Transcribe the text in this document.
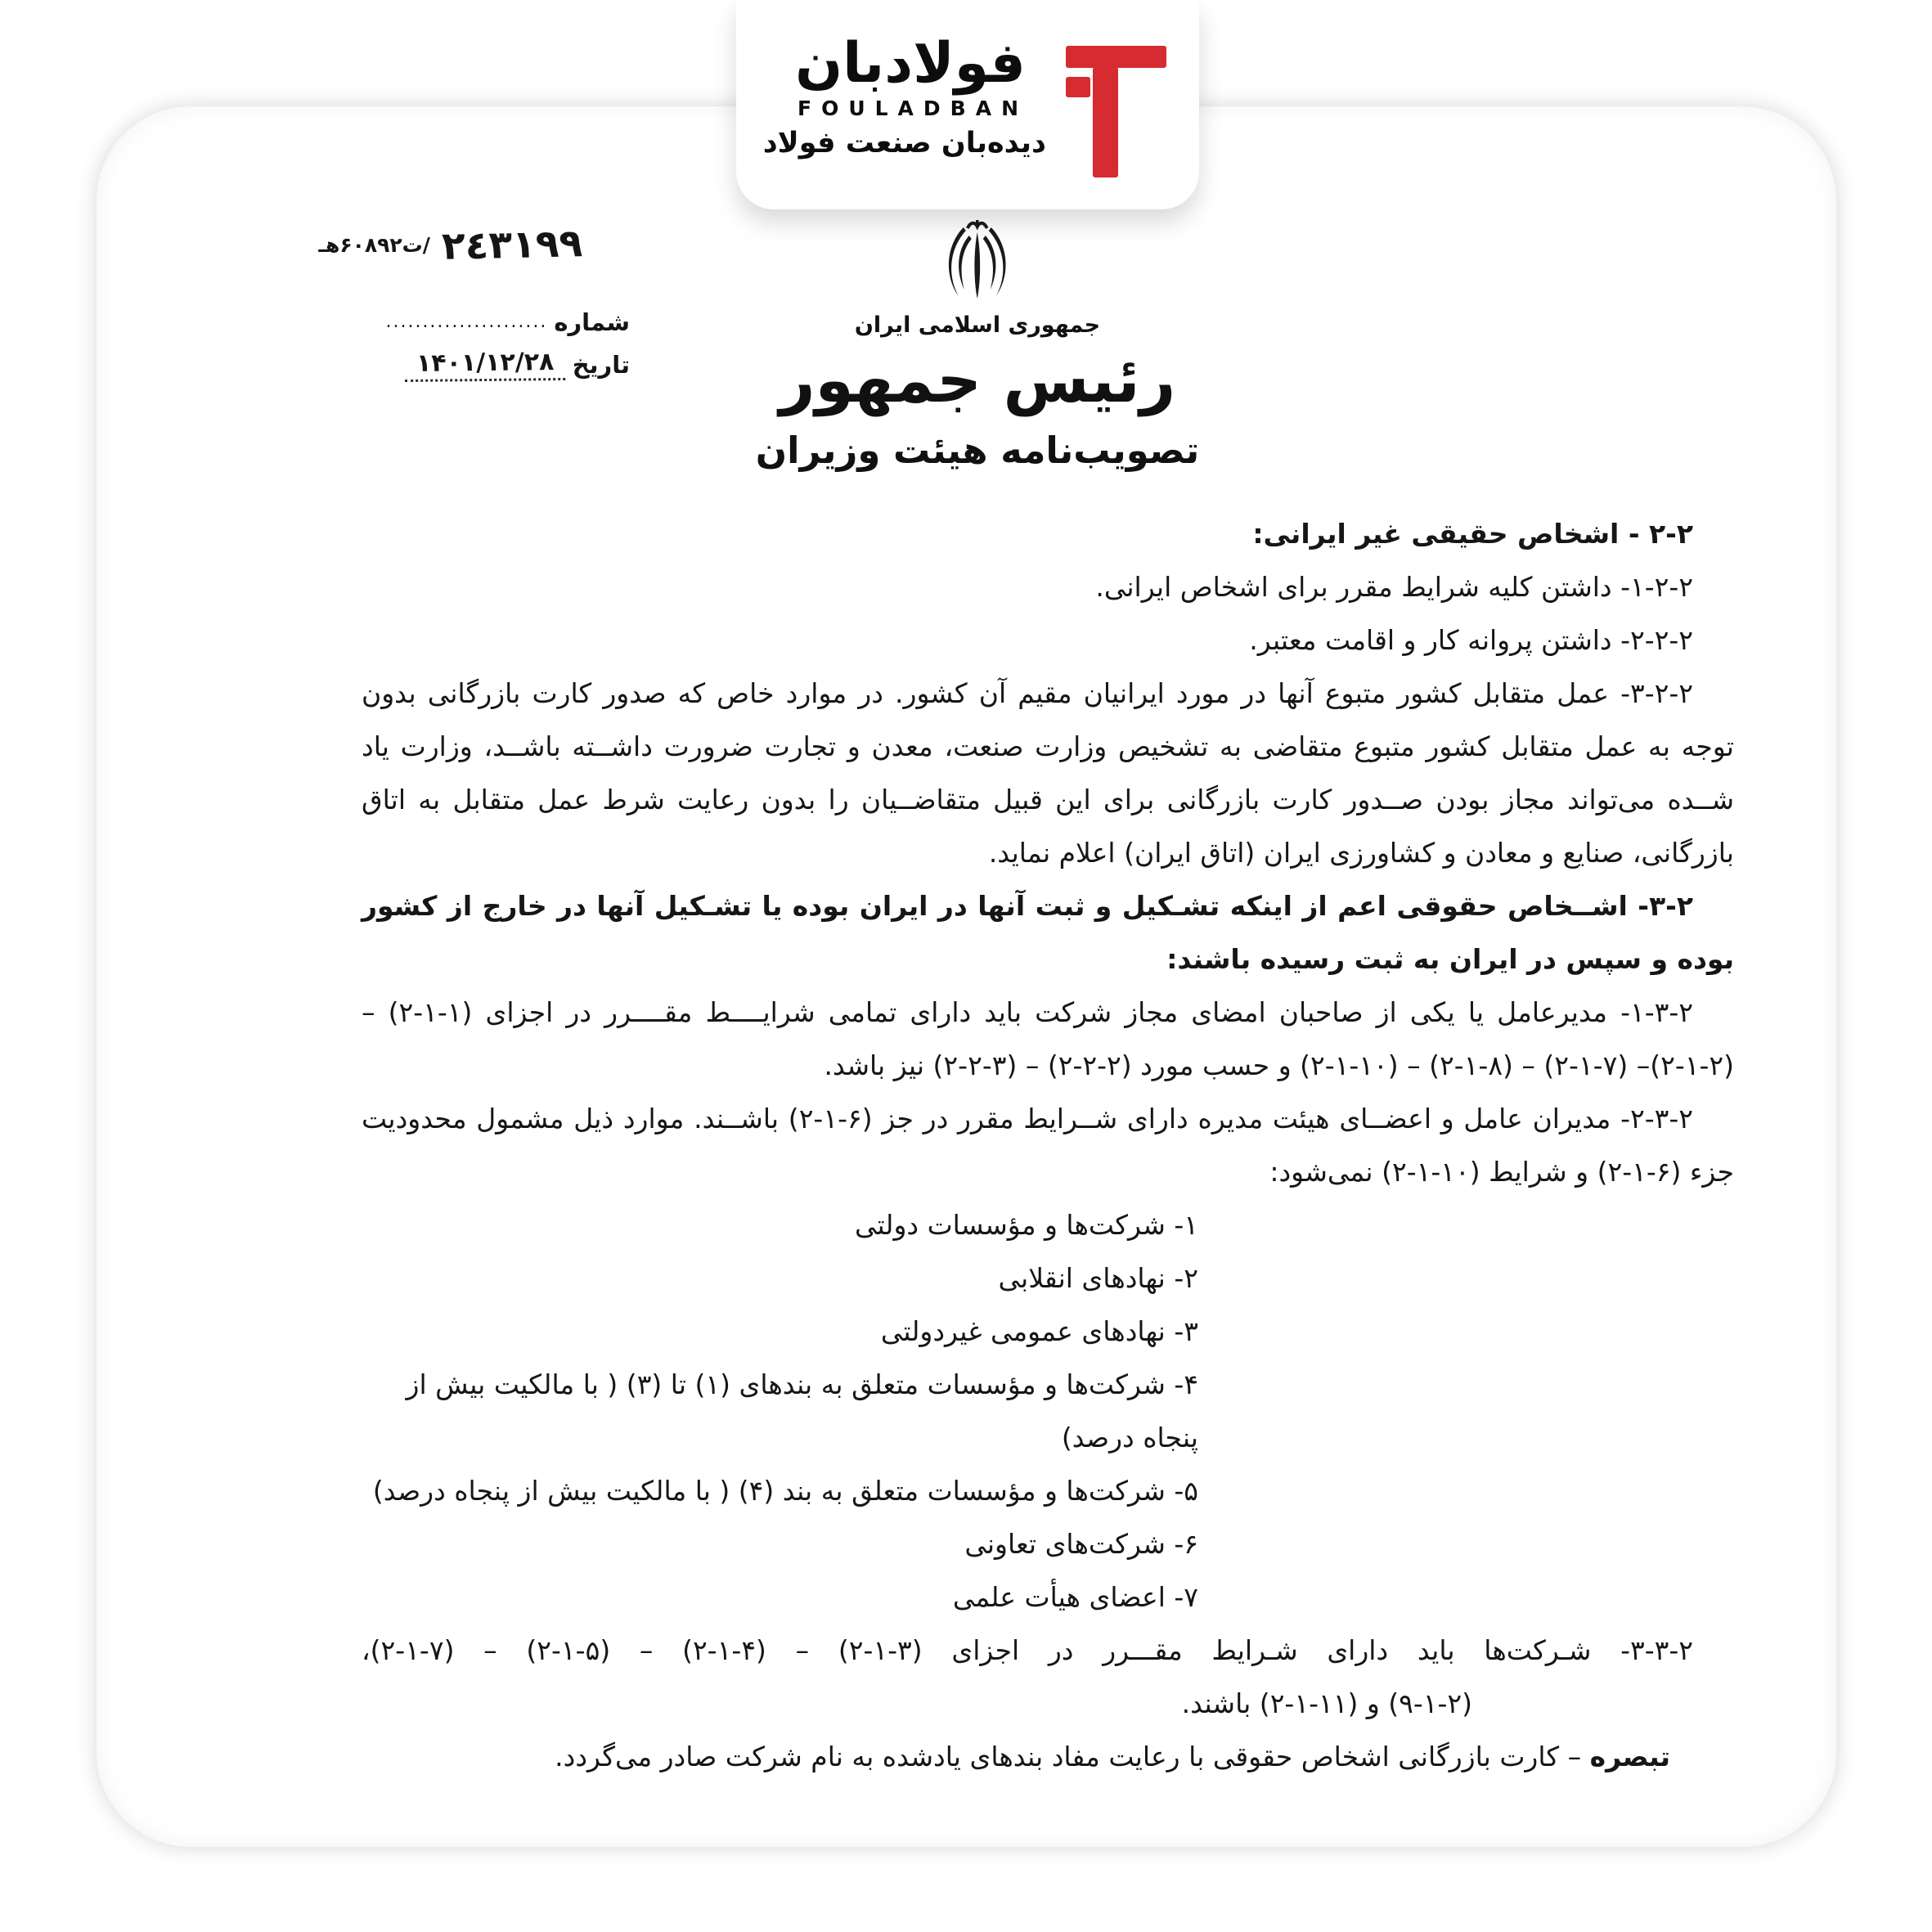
فولادبان
FOULADBAN
دیده‌بان صنعت فولاد
٢٤٣١٩٩
/ت۶۰۸۹۲هـ
شماره
......................
تاریخ
۱۴۰۱/۱۲/۲۸
جمهوری اسلامی ایران
رئیس جمهور
تصویب‌نامه هیئت وزیران
۲-۲ - اشخاص حقیقی غیر ایرانی:
۱-۲-۲- داشتن کلیه شرایط مقرر برای اشخاص ایرانی.
۲-۲-۲- داشتن پروانه کار و اقامت معتبر.
۳-۲-۲- عمل متقابل کشور متبوع آنها در مورد ایرانیان مقیم آن کشور. در موارد خاص که صدور کارت بازرگانی بدون توجه به عمل متقابل کشور متبوع متقاضی به تشخیص وزارت صنعت، معدن و تجارت ضرورت داشــته باشــد، وزارت یاد شــده می‌تواند مجاز بودن صــدور کارت بازرگانی برای این قبیل متقاضــیان را بدون رعایت شرط عمل متقابل به اتاق بازرگانی، صنایع و معادن و کشاورزی ایران (اتاق ایران) اعلام نماید.
۳-۲- اشــخاص حقوقی اعم از اینکه تشـکیل و ثبت آنها در ایران بوده یا تشـکیل آنها در خارج از کشور بوده و سپس در ایران به ثبت رسیده باشند:
۱-۳-۲- مدیرعامل یا یکی از صاحبان امضای مجاز شرکت باید دارای تمامی شرایــــط مقــــرر در اجزای (۱-۱-۲) – (۲-۱-۲)– (۷-۱-۲) – (۸-۱-۲) – (۱۰-۱-۲) و حسب مورد (۲-۲-۲) – (۳-۲-۲) نیز باشد.
۲-۳-۲- مدیران عامل و اعضــای هیئت مدیره دارای شــرایط مقرر در جز (۶-۱-۲) باشــند. موارد ذیل مشمول محدودیت جزء (۶-۱-۲) و شرایط (۱۰-۱-۲) نمی‌شود:
۱- شرکت‌ها و مؤسسات دولتی
۲- نهادهای انقلابی
۳- نهادهای عمومی غیردولتی
۴- شرکت‌ها و مؤسسات متعلق به بندهای (۱) تا (۳) ( با مالکیت بیش از پنجاه درصد)
۵- شرکت‌ها و مؤسسات متعلق به بند (۴) ( با مالکیت بیش از پنجاه درصد)
۶- شرکت‌های تعاونی
۷- اعضای هیأت علمی
۳-۳-۲- شـرکت‌ها باید دارای شـرایط مقـــرر در اجزای (۳-۱-۲) – (۴-۱-۲) – (۵-۱-۲) – (۷-۱-۲)،
(۹-۱-۲) و (۱۱-۱-۲) باشند.
تبصره – کارت بازرگانی اشخاص حقوقی با رعایت مفاد بندهای یادشده به نام شرکت صادر می‌گردد.
